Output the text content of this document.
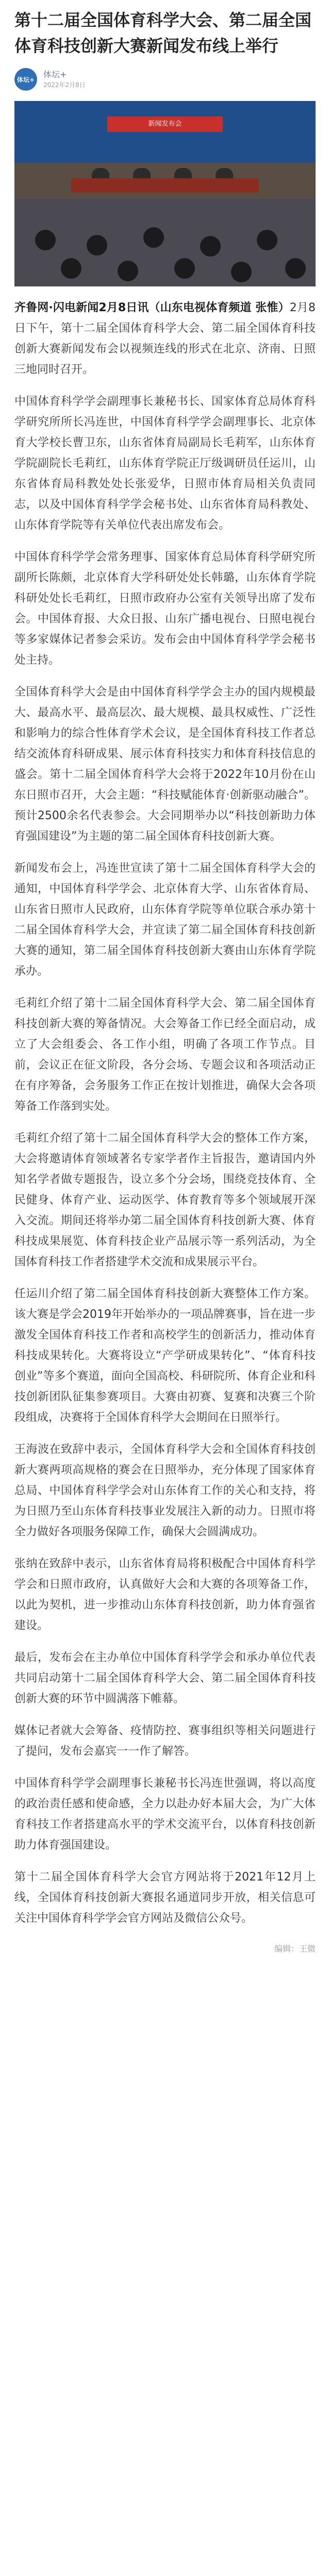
第十二届全国体育科学大会、第二届全国体育科技创新大赛新闻发布线上举行
体坛+
体坛+
2022年2月8日
新闻发布会

齐鲁网·闪电新闻2月8日讯（山东电视体育频道 张惟）2月8日下午，第十二届全国体育科学大会、第二届全国体育科技创新大赛新闻发布会以视频连线的形式在北京、济南、日照三地同时召开。

中国体育科学学会副理事长兼秘书长、国家体育总局体育科学研究所所长冯连世，中国体育科学学会副理事长、北京体育大学校长曹卫东，山东省体育局副局长毛莉军，山东体育学院副院长毛莉红，山东体育学院正厅级调研员任运川，山东省体育局科教处处长张爱华，日照市体育局相关负责同志，以及中国体育科学学会秘书处、山东省体育局科教处、山东体育学院等有关单位代表出席发布会。

中国体育科学学会常务理事、国家体育总局体育科学研究所副所长陈颇，北京体育大学科研处处长韩璐，山东体育学院科研处处长毛莉红，日照市政府办公室有关领导出席了发布会。中国体育报、大众日报、山东广播电视台、日照电视台等多家媒体记者参会采访。发布会由中国体育科学学会秘书处主持。

全国体育科学大会是由中国体育科学学会主办的国内规模最大、最高水平、最高层次、最大规模、最具权威性、广泛性和影响力的综合性体育学术会议，是全国体育科技工作者总结交流体育科研成果、展示体育科技实力和体育科技信息的盛会。第十二届全国体育科学大会将于2022年10月份在山东日照市召开，大会主题：“科技赋能体育·创新驱动融合”。预计2500余名代表参会。大会同期举办以“科技创新助力体育强国建设”为主题的第二届全国体育科技创新大赛。

新闻发布会上，冯连世宣读了第十二届全国体育科学大会的通知，中国体育科学学会、北京体育大学、山东省体育局、山东省日照市人民政府，山东体育学院等单位联合承办第十二届全国体育科学大会，并宣读了第二届全国体育科技创新大赛的通知，第二届全国体育科技创新大赛由山东体育学院承办。

毛莉红介绍了第十二届全国体育科学大会、第二届全国体育科技创新大赛的筹备情况。大会筹备工作已经全面启动，成立了大会组委会、各工作小组，明确了各项工作节点。目前，会议正在征文阶段，各分会场、专题会议和各项活动正在有序筹备，会务服务工作正在按计划推进，确保大会各项筹备工作落到实处。

毛莉红介绍了第十二届全国体育科学大会的整体工作方案，大会将邀请体育领域著名专家学者作主旨报告，邀请国内外知名学者做专题报告，设立多个分会场，围绕竞技体育、全民健身、体育产业、运动医学、体育教育等多个领域展开深入交流。期间还将举办第二届全国体育科技创新大赛、体育科技成果展览、体育科技企业产品展示等一系列活动，为全国体育科技工作者搭建学术交流和成果展示平台。

任运川介绍了第二届全国体育科技创新大赛整体工作方案。该大赛是学会2019年开始举办的一项品牌赛事，旨在进一步激发全国体育科技工作者和高校学生的创新活力，推动体育科技成果转化。大赛将设立“产学研成果转化”、“体育科技创业”等多个赛道，面向全国高校、科研院所、体育企业和科技创新团队征集参赛项目。大赛由初赛、复赛和决赛三个阶段组成，决赛将于全国体育科学大会期间在日照举行。

王海波在致辞中表示，全国体育科学大会和全国体育科技创新大赛两项高规格的赛会在日照举办，充分体现了国家体育总局、中国体育科学学会对山东体育工作的关心和支持，将为日照乃至山东体育科技事业发展注入新的动力。日照市将全力做好各项服务保障工作，确保大会圆满成功。

张纳在致辞中表示，山东省体育局将积极配合中国体育科学学会和日照市政府，认真做好大会和大赛的各项筹备工作，以此为契机，进一步推动山东体育科技创新，助力体育强省建设。

最后，发布会在主办单位中国体育科学学会和承办单位代表共同启动第十二届全国体育科学大会、第二届全国体育科技创新大赛的环节中圆满落下帷幕。

媒体记者就大会筹备、疫情防控、赛事组织等相关问题进行了提问，发布会嘉宾一一作了解答。

中国体育科学学会副理事长兼秘书长冯连世强调，将以高度的政治责任感和使命感，全力以赴办好本届大会，为广大体育科技工作者搭建高水平的学术交流平台，以体育科技创新助力体育强国建设。

第十二届全国体育科学大会官方网站将于2021年12月上线，全国体育科技创新大赛报名通道同步开放，相关信息可关注中国体育科学学会官方网站及微信公众号。

编辑：王微
